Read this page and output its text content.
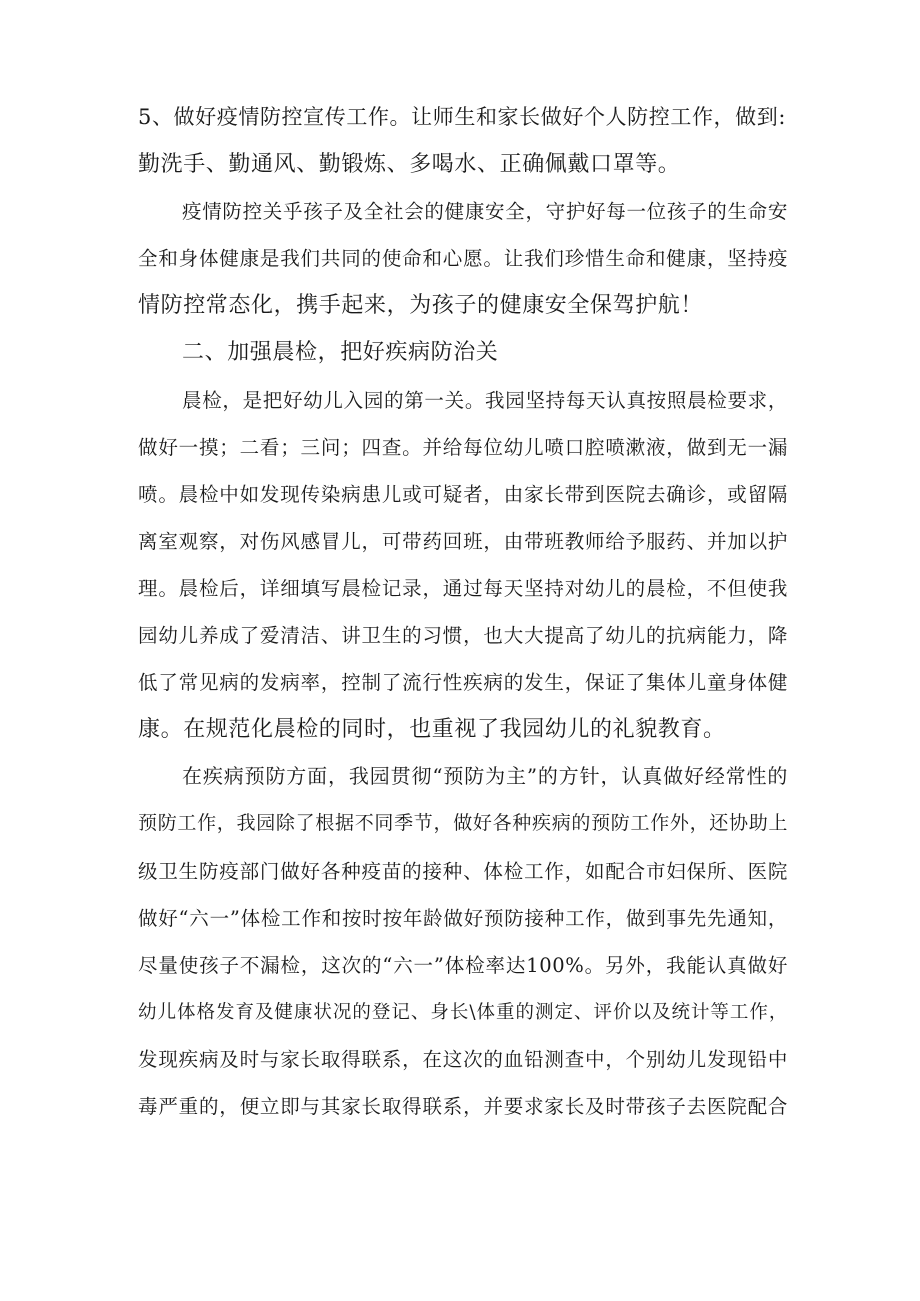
5、做好疫情防控宣传工作。让师生和家长做好个人防控工作，做到:
勤洗手、勤通风、勤锻炼、多喝水、正确佩戴口罩等。
疫情防控关乎孩子及全社会的健康安全，守护好每一位孩子的生命安
全和身体健康是我们共同的使命和心愿。让我们珍惜生命和健康，坚持疫
情防控常态化，携手起来，为孩子的健康安全保驾护航！
二、加强晨检，把好疾病防治关
晨检，是把好幼儿入园的第一关。我园坚持每天认真按照晨检要求，
做好一摸；二看；三问；四查。并给每位幼儿喷口腔喷漱液，做到无一漏
喷。晨检中如发现传染病患儿或可疑者，由家长带到医院去确诊，或留隔
离室观察，对伤风感冒儿，可带药回班，由带班教师给予服药、并加以护
理。晨检后，详细填写晨检记录，通过每天坚持对幼儿的晨检，不但使我
园幼儿养成了爱清洁、讲卫生的习惯，也大大提高了幼儿的抗病能力，降
低了常见病的发病率，控制了流行性疾病的发生，保证了集体儿童身体健
康。在规范化晨检的同时，也重视了我园幼儿的礼貌教育。
在疾病预防方面，我园贯彻“预防为主”的方针，认真做好经常性的
预防工作，我园除了根据不同季节，做好各种疾病的预防工作外，还协助上
级卫生防疫部门做好各种疫苗的接种、体检工作，如配合市妇保所、医院
做好“六一”体检工作和按时按年龄做好预防接种工作，做到事先先通知，
尽量使孩子不漏检，这次的“六一”体检率达100%。另外，我能认真做好
幼儿体格发育及健康状况的登记、身长\体重的测定、评价以及统计等工作，
发现疾病及时与家长取得联系，在这次的血铅测查中，个别幼儿发现铅中
毒严重的，便立即与其家长取得联系，并要求家长及时带孩子去医院配合
